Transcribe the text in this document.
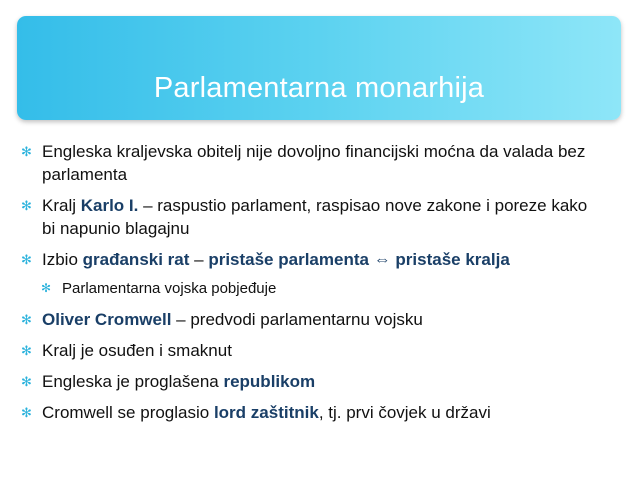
Parlamentarna monarhija
✻ Engleska kraljevska obitelj nije dovoljno financijski moćna da valada bez parlamenta
✻ Kralj Karlo I. – raspustio parlament, raspisao nove zakone i poreze kako bi napunio blagajnu
✻ Izbio građanski rat – pristaše parlamenta ⇔ pristaše kralja
✻ Parlamentarna vojska pobjeđuje
✻ Oliver Cromwell – predvodi parlamentarnu vojsku
✻ Kralj je osuđen i smaknut
✻ Engleska je proglašena republikom
✻ Cromwell se proglasio lord zaštitnik, tj. prvi čovjek u državi
